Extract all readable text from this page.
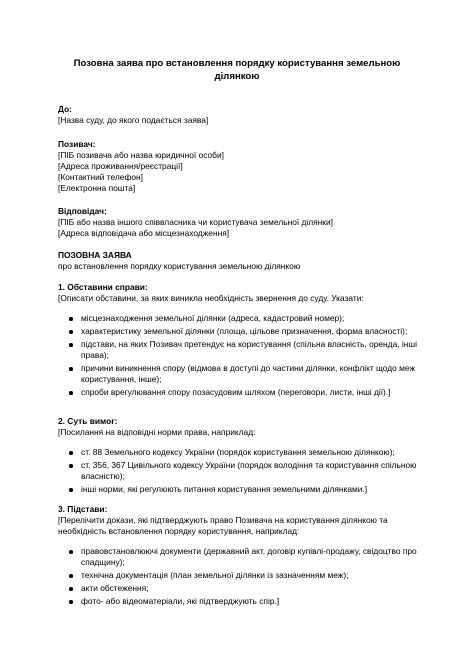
Позовна заява про встановлення порядку користування земельною ділянкою
До:
[Назва суду, до якого подається заява]
Позивач:
[ПІБ позивача або назва юридичної особи]
[Адреса проживання/реєстрації]
[Контактний телефон]
[Електронна пошта]
Відповідач:
[ПІБ або назва іншого співвласника чи користувача земельної ділянки]
[Адреса відповідача або місцезнаходження]
ПОЗОВНА ЗАЯВА
про встановлення порядку користування земельною ділянкою
1. Обставини справи:
[Описати обставини, за яких виникла необхідність звернення до суду. Указати:
місцезнаходження земельної ділянки (адреса, кадастровий номер);
характеристику земельної ділянки (площа, цільове призначення, форма власності);
підстави, на яких Позивач претендує на користування (спільна власність, оренда, інші права);
причини виникнення спору (відмова в доступі до частини ділянки, конфлікт щодо меж користування, інше);
спроби врегулювання спору позасудовим шляхом (переговори, листи, інші дії).]
2. Суть вимог:
[Посилання на відповідні норми права, наприклад:
ст. 88 Земельного кодексу України (порядок користування земельною ділянкою);
ст. 356, 367 Цивільного кодексу України (порядок володіння та користування спільною власністю);
інші норми, які регулюють питання користування земельними ділянками.]
3. Підстави:
[Перелічити докази, які підтверджують право Позивача на користування ділянкою та необхідність встановлення порядку користування, наприклад:
правовстановлюючі документи (державний акт, договір купівлі-продажу, свідоцтво про спадщину);
технічна документація (план земельної ділянки із зазначенням меж);
акти обстеження;
фото- або відеоматеріали, які підтверджують спір.]
